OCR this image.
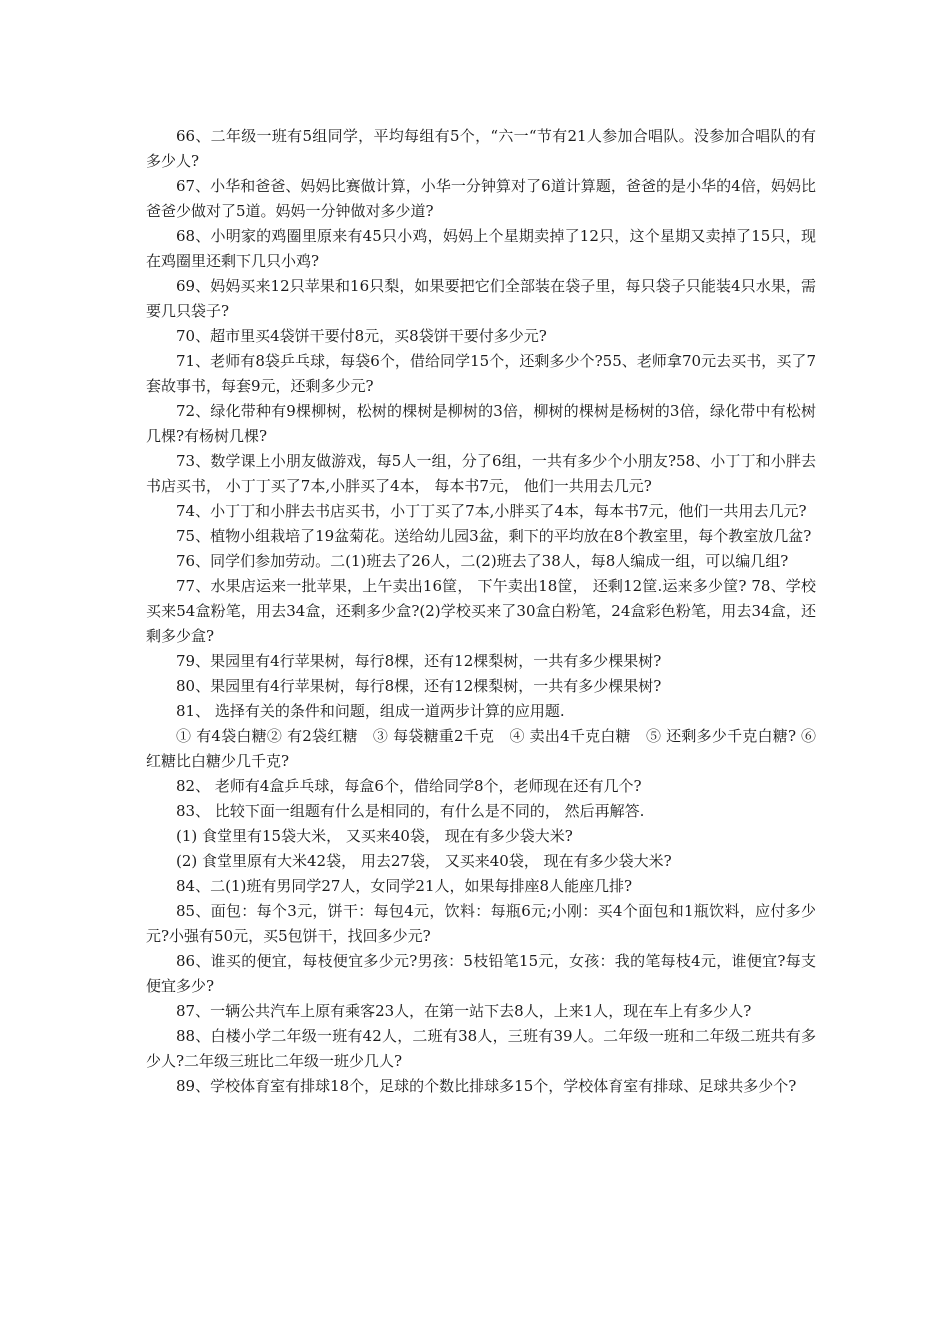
66、二年级一班有5组同学，平均每组有5个，“六一“节有21人参加合唱队。没参加合唱队的有多少人?

67、小华和爸爸、妈妈比赛做计算，小华一分钟算对了6道计算题，爸爸的是小华的4倍，妈妈比爸爸少做对了5道。妈妈一分钟做对多少道?

68、小明家的鸡圈里原来有45只小鸡，妈妈上个星期卖掉了12只，这个星期又卖掉了15只，现在鸡圈里还剩下几只小鸡?

69、妈妈买来12只苹果和16只梨，如果要把它们全部装在袋子里，每只袋子只能装4只水果，需要几只袋子?

70、超市里买4袋饼干要付8元，买8袋饼干要付多少元?

71、老师有8袋乒乓球，每袋6个，借给同学15个，还剩多少个?55、老师拿70元去买书，买了7套故事书，每套9元，还剩多少元?

72、绿化带种有9棵柳树，松树的棵树是柳树的3倍，柳树的棵树是杨树的3倍，绿化带中有松树几棵?有杨树几棵?

73、数学课上小朋友做游戏，每5人一组，分了6组，一共有多少个小朋友?58、小丁丁和小胖去书店买书， 小丁丁买了7本,小胖买了4本， 每本书7元， 他们一共用去几元?

74、小丁丁和小胖去书店买书，小丁丁买了7本,小胖买了4本，每本书7元，他们一共用去几元?

75、植物小组栽培了19盆菊花。送给幼儿园3盆，剩下的平均放在8个教室里，每个教室放几盆?

76、同学们参加劳动。二(1)班去了26人，二(2)班去了38人，每8人编成一组，可以编几组?

77、水果店运来一批苹果，上午卖出16筐， 下午卖出18筐， 还剩12筐.运来多少筐? 78、学校买来54盒粉笔，用去34盒，还剩多少盒?(2)学校买来了30盒白粉笔，24盒彩色粉笔，用去34盒，还剩多少盒?

79、果园里有4行苹果树，每行8棵，还有12棵梨树，一共有多少棵果树?

80、果园里有4行苹果树，每行8棵，还有12棵梨树，一共有多少棵果树?

81、 选择有关的条件和问题，组成一道两步计算的应用题.

① 有4袋白糖② 有2袋红糖　③ 每袋糖重2千克　④ 卖出4千克白糖　⑤ 还剩多少千克白糖? ⑥ 红糖比白糖少几千克?

82、 老师有4盒乒乓球，每盒6个，借给同学8个，老师现在还有几个?

83、 比较下面一组题有什么是相同的，有什么是不同的， 然后再解答.

(1) 食堂里有15袋大米， 又买来40袋， 现在有多少袋大米?

(2) 食堂里原有大米42袋， 用去27袋， 又买来40袋， 现在有多少袋大米?

84、二(1)班有男同学27人，女同学21人，如果每排座8人能座几排?

85、面包：每个3元，饼干：每包4元，饮料：每瓶6元;小刚：买4个面包和1瓶饮料，应付多少元?小强有50元，买5包饼干，找回多少元?

86、谁买的便宜，每枝便宜多少元?男孩：5枝铅笔15元，女孩：我的笔每枝4元，谁便宜?每支便宜多少?

87、一辆公共汽车上原有乘客23人，在第一站下去8人，上来1人，现在车上有多少人?

88、白楼小学二年级一班有42人，二班有38人，三班有39人。二年级一班和二年级二班共有多少人?二年级三班比二年级一班少几人?

89、学校体育室有排球18个，足球的个数比排球多15个，学校体育室有排球、足球共多少个?
